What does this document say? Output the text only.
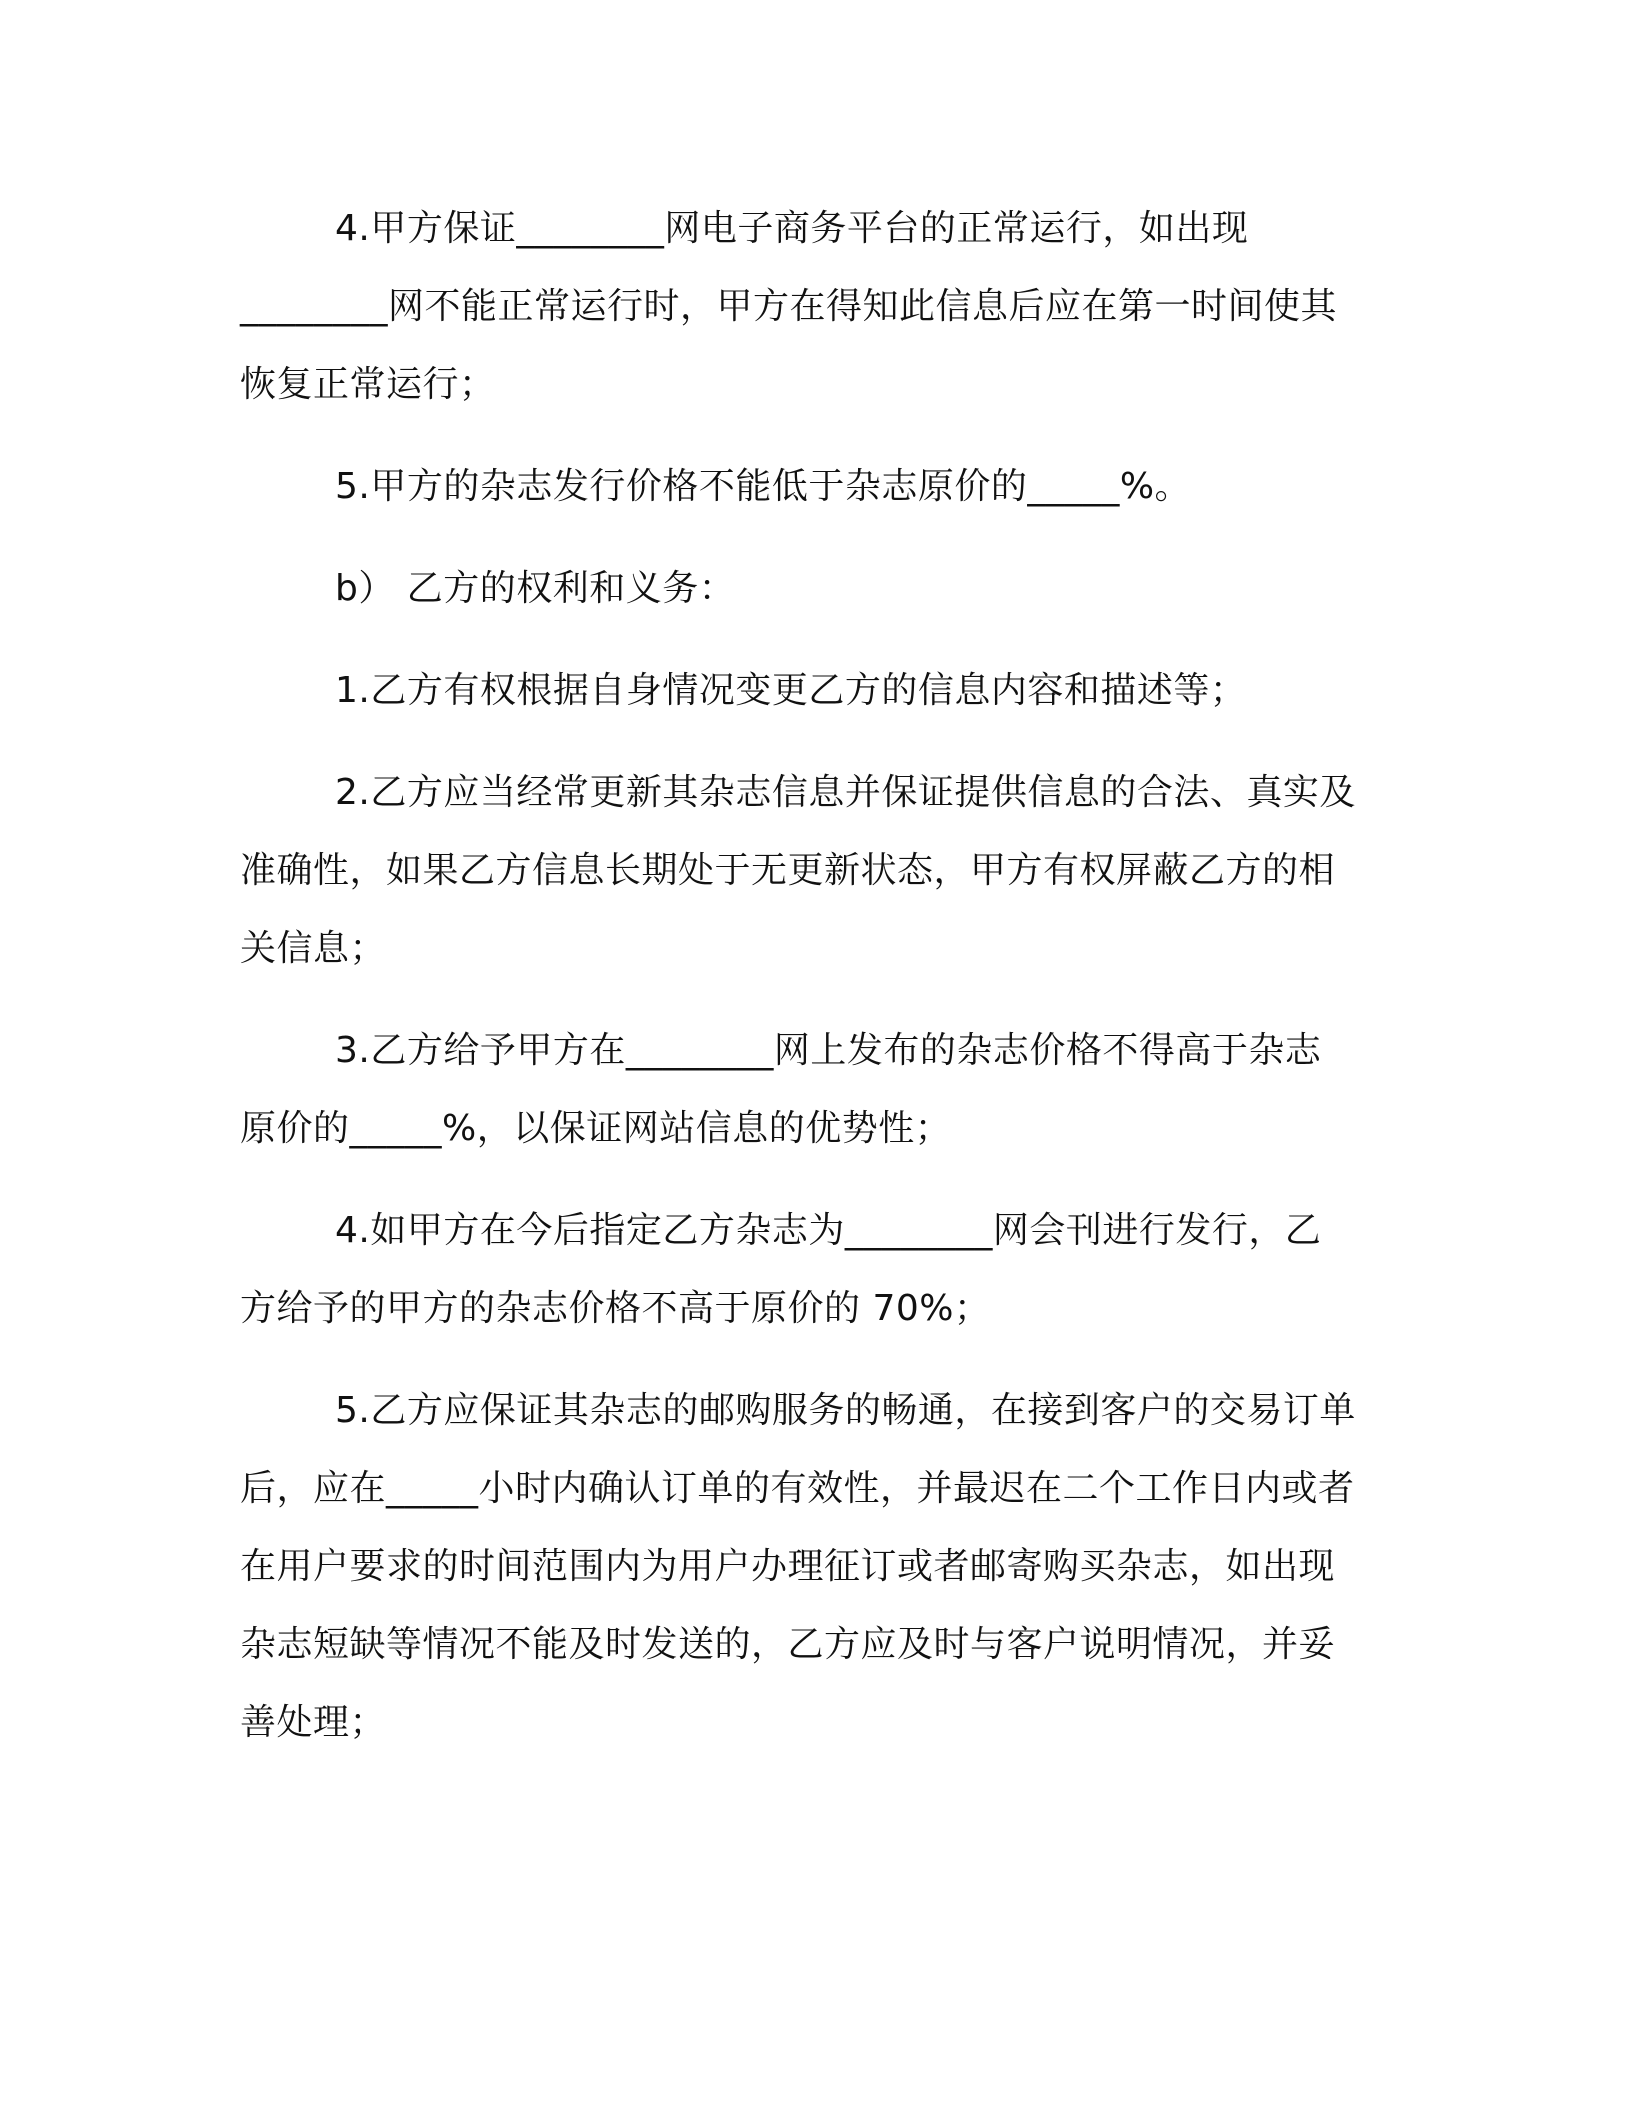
4.甲方保证________网电子商务平台的正常运行，如出现
________网不能正常运行时，甲方在得知此信息后应在第一时间使其
恢复正常运行；

5.甲方的杂志发行价格不能低于杂志原价的_____%。

b） 乙方的权利和义务：

1.乙方有权根据自身情况变更乙方的信息内容和描述等；

2.乙方应当经常更新其杂志信息并保证提供信息的合法、真实及
准确性，如果乙方信息长期处于无更新状态，甲方有权屏蔽乙方的相
关信息；

3.乙方给予甲方在________网上发布的杂志价格不得高于杂志
原价的_____%，以保证网站信息的优势性；

4.如甲方在今后指定乙方杂志为________网会刊进行发行，乙
方给予的甲方的杂志价格不高于原价的 70%；

5.乙方应保证其杂志的邮购服务的畅通，在接到客户的交易订单
后，应在_____小时内确认订单的有效性，并最迟在二个工作日内或者
在用户要求的时间范围内为用户办理征订或者邮寄购买杂志，如出现
杂志短缺等情况不能及时发送的，乙方应及时与客户说明情况，并妥
善处理；
